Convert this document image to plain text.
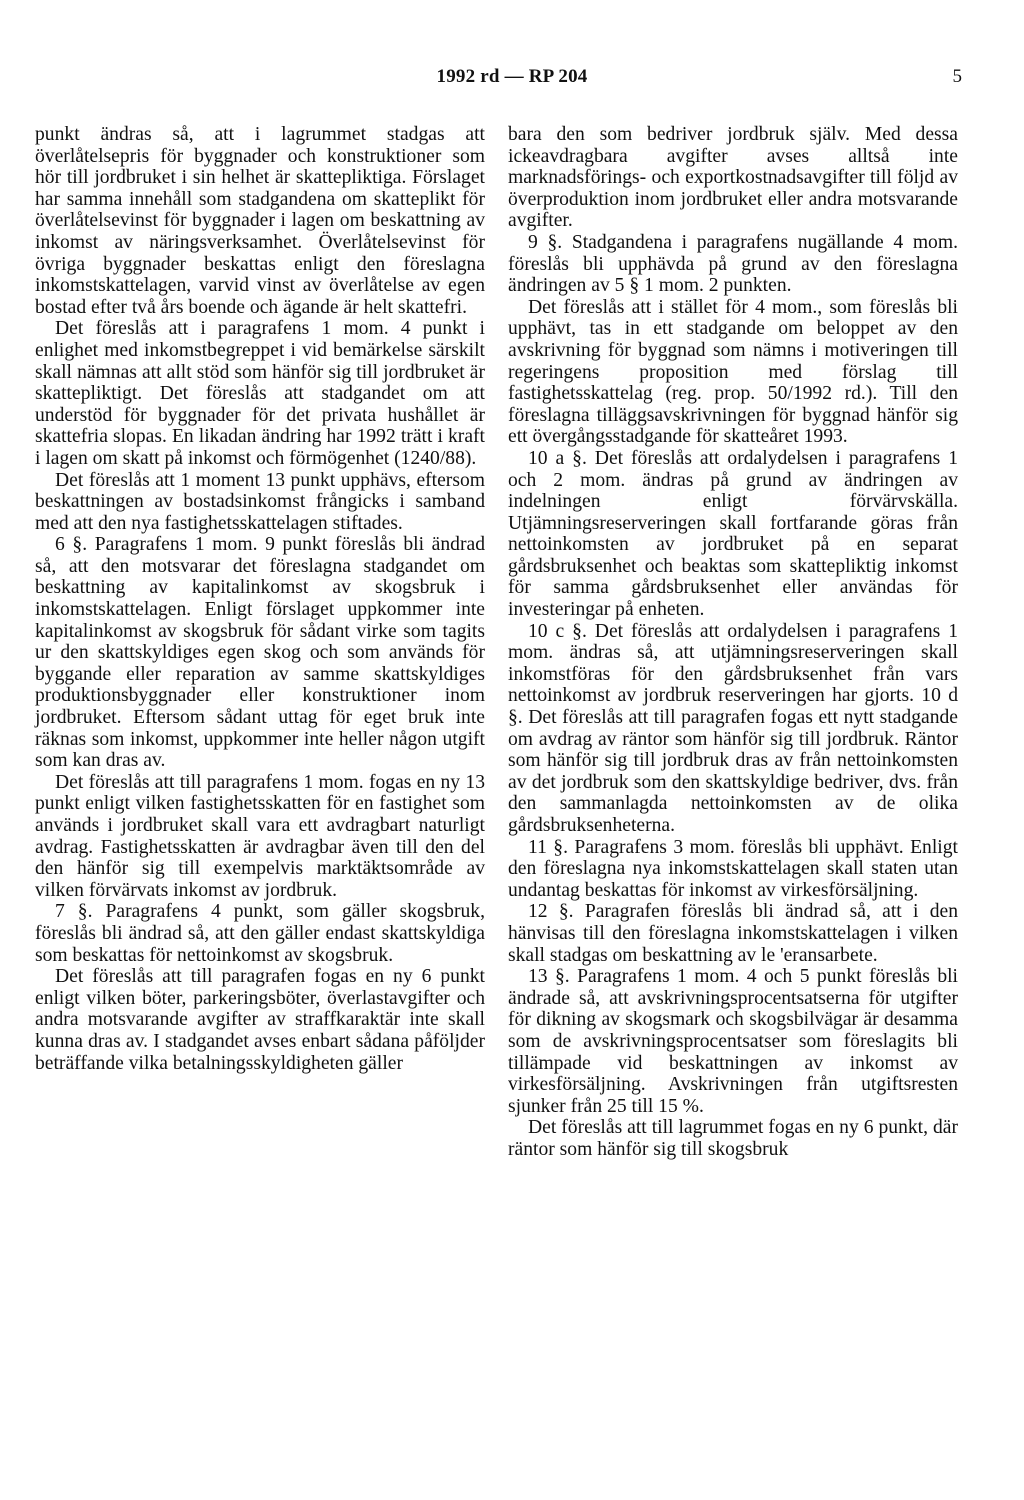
1992 rd — RP 204	5

punkt ändras så, att i lagrummet stadgas att överlåtelsepris för byggnader och konstruktioner som hör till jordbruket i sin helhet är skattepliktiga. Förslaget har samma innehåll som stadgandena om skatteplikt för överlåtelsevinst för byggnader i lagen om beskattning av inkomst av näringsverksamhet. Överlåtelsevinst för övriga byggnader beskattas enligt den föreslagna inkomstskattelagen, varvid vinst av överlåtelse av egen bostad efter två års boende och ägande är helt skattefri.

Det föreslås att i paragrafens 1 mom. 4 punkt i enlighet med inkomstbegreppet i vid bemärkelse särskilt skall nämnas att allt stöd som hänför sig till jordbruket är skattepliktigt. Det föreslås att stadgandet om att understöd för byggnader för det privata hushållet är skattefria slopas. En likadan ändring har 1992 trätt i kraft i lagen om skatt på inkomst och förmögenhet (1240/88).

Det föreslås att 1 moment 13 punkt upphävs, eftersom beskattningen av bostadsinkomst frångicks i samband med att den nya fastighetsskattelagen stiftades.

6 §. Paragrafens 1 mom. 9 punkt föreslås bli ändrad så, att den motsvarar det föreslagna stadgandet om beskattning av kapitalinkomst av skogsbruk i inkomstskattelagen. Enligt förslaget uppkommer inte kapitalinkomst av skogsbruk för sådant virke som tagits ur den skattskyldiges egen skog och som används för byggande eller reparation av samme skattskyldiges produktionsbyggnader eller konstruktioner inom jordbruket. Eftersom sådant uttag för eget bruk inte räknas som inkomst, uppkommer inte heller någon utgift som kan dras av.

Det föreslås att till paragrafens 1 mom. fogas en ny 13 punkt enligt vilken fastighetsskatten för en fastighet som används i jordbruket skall vara ett avdragbart naturligt avdrag. Fastighetsskatten är avdragbar även till den del den hänför sig till exempelvis marktäktsområde av vilken förvärvats inkomst av jordbruk.

7 §. Paragrafens 4 punkt, som gäller skogsbruk, föreslås bli ändrad så, att den gäller endast skattskyldiga som beskattas för nettoinkomst av skogsbruk.

Det föreslås att till paragrafen fogas en ny 6 punkt enligt vilken böter, parkeringsböter, överlastavgifter och andra motsvarande avgifter av straffkaraktär inte skall kunna dras av. I stadgandet avses enbart sådana påföljder beträffande vilka betalningsskyldigheten gäller

bara den som bedriver jordbruk själv. Med dessa ickeavdragbara avgifter avses alltså inte marknadsförings- och exportkostnadsavgifter till följd av överproduktion inom jordbruket eller andra motsvarande avgifter.

9 §. Stadgandena i paragrafens nugällande 4 mom. föreslås bli upphävda på grund av den föreslagna ändringen av 5 § 1 mom. 2 punkten.

Det föreslås att i stället för 4 mom., som föreslås bli upphävt, tas in ett stadgande om beloppet av den avskrivning för byggnad som nämns i motiveringen till regeringens proposition med förslag till fastighetsskattelag (reg. prop. 50/1992 rd.). Till den föreslagna tilläggsavskrivningen för byggnad hänför sig ett övergångsstadgande för skatteåret 1993.

10 a §. Det föreslås att ordalydelsen i paragrafens 1 och 2 mom. ändras på grund av ändringen av indelningen enligt förvärvskälla. Utjämningsreserveringen skall fortfarande göras från nettoinkomsten av jordbruket på en separat gårdsbruksenhet och beaktas som skattepliktig inkomst för samma gårdsbruksenhet eller användas för investeringar på enheten.

10 c §. Det föreslås att ordalydelsen i paragrafens 1 mom. ändras så, att utjämningsreserveringen skall inkomstföras för den gårdsbruksenhet från vars nettoinkomst av jordbruk reserveringen har gjorts. 10 d §. Det föreslås att till paragrafen fogas ett nytt stadgande om avdrag av räntor som hänför sig till jordbruk. Räntor som hänför sig till jordbruk dras av från nettoinkomsten av det jordbruk som den skattskyldige bedriver, dvs. från den sammanlagda nettoinkomsten av de olika gårdsbruksenheterna.

11 §. Paragrafens 3 mom. föreslås bli upphävt. Enligt den föreslagna nya inkomstskattelagen skall staten utan undantag beskattas för inkomst av virkesförsäljning.

12 §. Paragrafen föreslås bli ändrad så, att i den hänvisas till den föreslagna inkomstskattelagen i vilken skall stadgas om beskattning av le 'eransarbete.

13 §. Paragrafens 1 mom. 4 och 5 punkt föreslås bli ändrade så, att avskrivningsprocentsatserna för utgifter för dikning av skogsmark och skogsbilvägar är desamma som de avskrivningsprocentsatser som föreslagits bli tillämpade vid beskattningen av inkomst av virkesförsäljning. Avskrivningen från utgiftsresten sjunker från 25 till 15 %.

Det föreslås att till lagrummet fogas en ny 6 punkt, där räntor som hänför sig till skogsbruk
